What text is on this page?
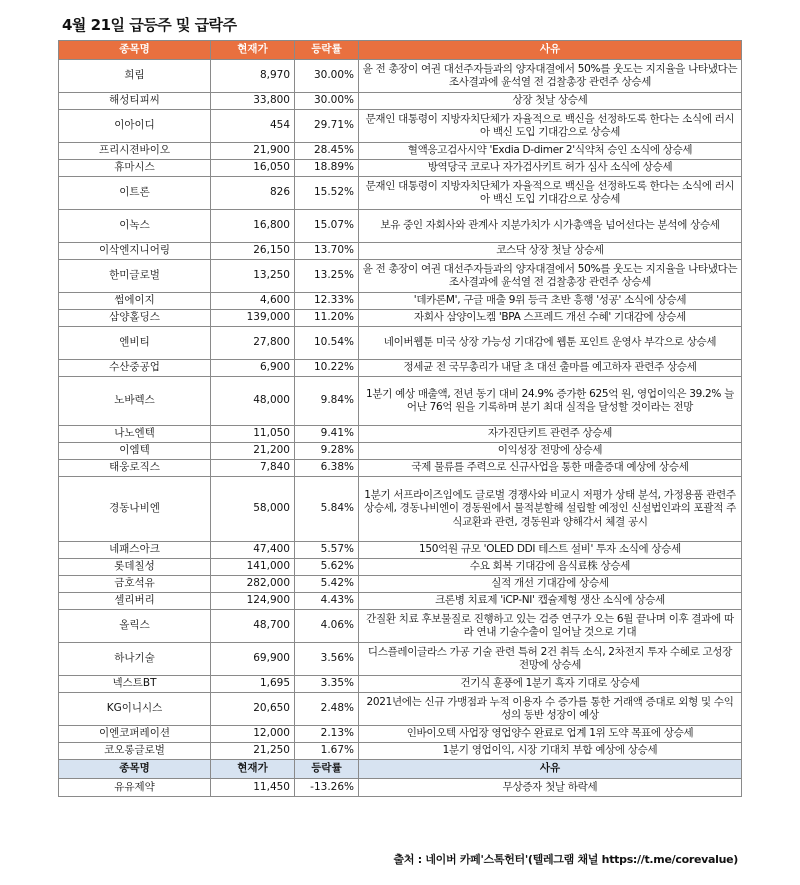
4월 21일 급등주 및 급락주
종목명	현재가	등락률	사유
희림	8,970	30.00%	윤 전 총장이 여권 대선주자들과의 양자대결에서 50%를 웃도는 지지율을 나타냈다는 조사결과에 윤석열 전 검찰총장 관련주 상승세
해성티피씨	33,800	30.00%	상장 첫날 상승세
이아이디	454	29.71%	문재인 대통령이 지방자치단체가 자율적으로 백신을 선정하도록 한다는 소식에 러시아 백신 도입 기대감으로 상승세
프리시젼바이오	21,900	28.45%	혈액응고검사시약 'Exdia D-dimer 2'식약처 승인 소식에 상승세
휴마시스	16,050	18.89%	방역당국 코로나 자가검사키트 허가 심사 소식에 상승세
이트론	826	15.52%	문재인 대통령이 지방자치단체가 자율적으로 백신을 선정하도록 한다는 소식에 러시아 백신 도입 기대감으로 상승세
이녹스	16,800	15.07%	보유 중인 자회사와 관계사 지분가치가 시가총액을 넘어선다는 분석에 상승세
이삭엔지니어링	26,150	13.70%	코스닥 상장 첫날 상승세
한미글로벌	13,250	13.25%	윤 전 총장이 여권 대선주자들과의 양자대결에서 50%를 웃도는 지지율을 나타냈다는 조사결과에 윤석열 전 검찰총장 관련주 상승세
썸에이지	4,600	12.33%	'데카론M', 구글 매출 9위 등극 초반 흥행 '성공' 소식에 상승세
삼양홀딩스	139,000	11.20%	자회사 삼양이노켐 'BPA 스프레드 개선 수혜' 기대감에 상승세
엔비티	27,800	10.54%	네이버웹툰 미국 상장 가능성 기대감에 웹툰 포인트 운영사 부각으로 상승세
수산중공업	6,900	10.22%	정세균 전 국무총리가 내달 초 대선 출마를 예고하자 관련주 상승세
노바렉스	48,000	9.84%	1분기 예상 매출액, 전년 동기 대비 24.9% 증가한 625억 원, 영업이익은 39.2% 늘어난 76억 원을 기록하며 분기 최대 실적을 달성할 것이라는 전망
나노엔텍	11,050	9.41%	자가진단키트 관련주 상승세
이엠텍	21,200	9.28%	이익성장 전망에 상승세
태웅로직스	7,840	6.38%	국제 물류를 주력으로 신규사업을 통한 매출증대 예상에 상승세
경동나비엔	58,000	5.84%	1분기 서프라이즈임에도 글로벌 경쟁사와 비교시 저평가 상태 분석, 가정용품 관련주 상승세, 경동나비엔이 경동원에서 물적분할해 설립할 예정인 신설법인과의 포괄적 주식교환과 관련, 경동원과 양해각서 체결 공시
네패스아크	47,400	5.57%	150억원 규모 'OLED DDI 테스트 설비' 투자 소식에 상승세
롯데칠성	141,000	5.62%	수요 회복 기대감에 음식료株 상승세
금호석유	282,000	5.42%	실적 개선 기대감에 상승세
셀리버리	124,900	4.43%	크론병 치료제 'iCP-NI' 캡슐제형 생산 소식에 상승세
올릭스	48,700	4.06%	간질환 치료 후보물질로 진행하고 있는 검증 연구가 오는 6월 끝나며 이후 결과에 따라 연내 기술수출이 일어날 것으로 기대
하나기술	69,900	3.56%	디스플레이글라스 가공 기술 관련 특허 2건 취득 소식, 2차전지 투자 수혜로 고성장 전망에 상승세
넥스트BT	1,695	3.35%	건기식 훈풍에 1분기 흑자 기대로 상승세
KG이니시스	20,650	2.48%	2021년에는 신규 가맹점과 누적 이용자 수 증가를 통한 거래액 증대로 외형 및 수익성의 동반 성장이 예상
이엔코퍼레이션	12,000	2.13%	인바이오텍 사업장 영업양수 완료로 업계 1위 도약 목표에 상승세
코오롱글로벌	21,250	1.67%	1분기 영업이익, 시장 기대치 부합 예상에 상승세
종목명	현재가	등락률	사유
유유제약	11,450	-13.26%	무상증자 첫날 하락세
출처 : 네이버 카페'스톡헌터'(텔레그램 채널 https://t.me/corevalue)
